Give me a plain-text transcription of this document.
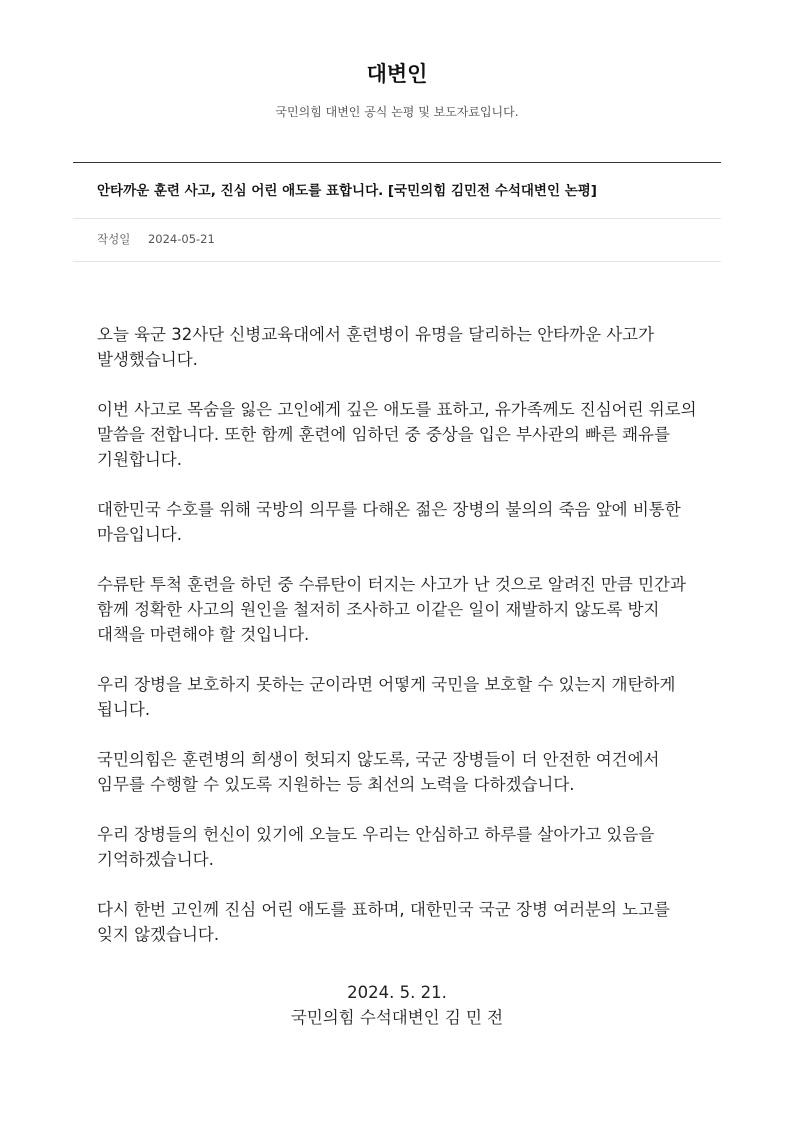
대변인
국민의힘 대변인 공식 논평 및 보도자료입니다.
안타까운 훈련 사고, 진심 어린 애도를 표합니다. [국민의힘 김민전 수석대변인 논평]
작성일 2024-05-21

오늘 육군 32사단 신병교육대에서 훈련병이 유명을 달리하는 안타까운 사고가 발생했습니다.

이번 사고로 목숨을 잃은 고인에게 깊은 애도를 표하고, 유가족께도 진심어린 위로의 말씀을 전합니다. 또한 함께 훈련에 임하던 중 중상을 입은 부사관의 빠른 쾌유를 기원합니다.

대한민국 수호를 위해 국방의 의무를 다해온 젊은 장병의 불의의 죽음 앞에 비통한 마음입니다.

수류탄 투척 훈련을 하던 중 수류탄이 터지는 사고가 난 것으로 알려진 만큼 민간과 함께 정확한 사고의 원인을 철저히 조사하고 이같은 일이 재발하지 않도록 방지 대책을 마련해야 할 것입니다.

우리 장병을 보호하지 못하는 군이라면 어떻게 국민을 보호할 수 있는지 개탄하게 됩니다.

국민의힘은 훈련병의 희생이 헛되지 않도록, 국군 장병들이 더 안전한 여건에서 임무를 수행할 수 있도록 지원하는 등 최선의 노력을 다하겠습니다.

우리 장병들의 헌신이 있기에 오늘도 우리는 안심하고 하루를 살아가고 있음을 기억하겠습니다.

다시 한번 고인께 진심 어린 애도를 표하며, 대한민국 국군 장병 여러분의 노고를 잊지 않겠습니다.

2024. 5. 21.
국민의힘 수석대변인 김 민 전
